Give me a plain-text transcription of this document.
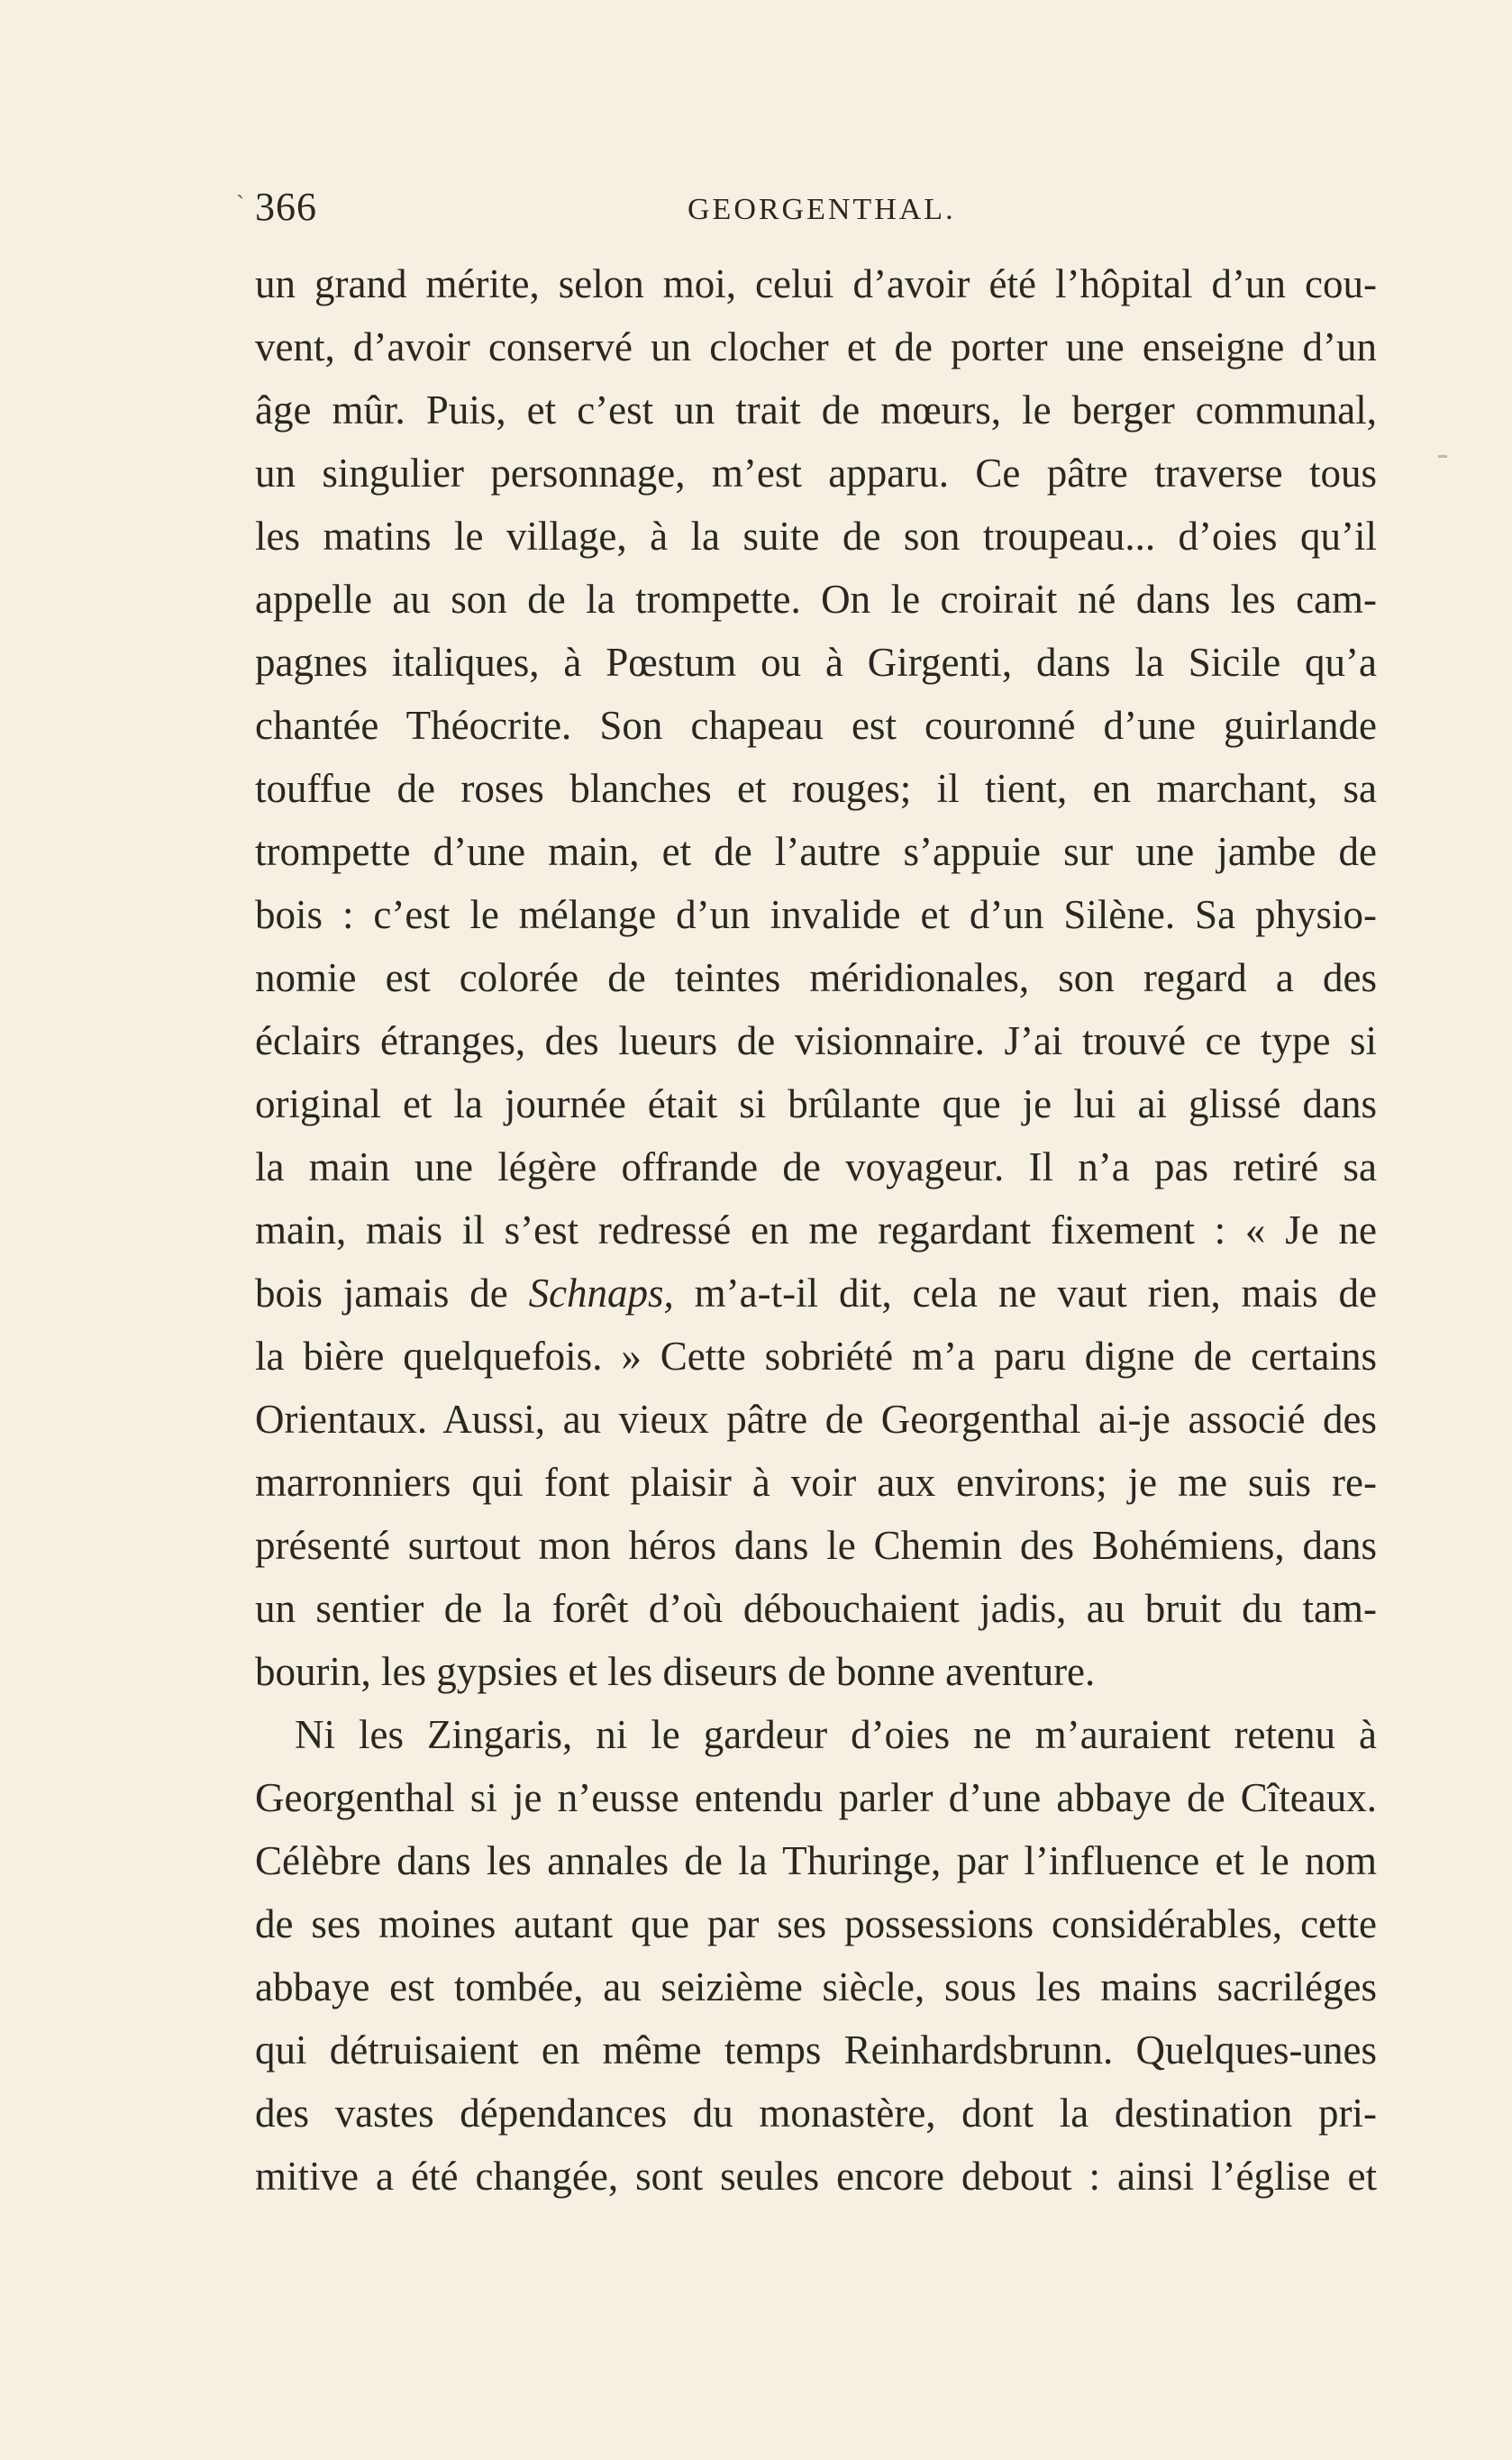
` 366	GEORGENTHAL.
un grand mérite, selon moi, celui d’avoir été l’hôpital d’un cou-
vent, d’avoir conservé un clocher et de porter une enseigne d’un
âge mûr. Puis, et c’est un trait de mœurs, le berger communal,
un singulier personnage, m’est apparu. Ce pâtre traverse tous
les matins le village, à la suite de son troupeau... d’oies qu’il
appelle au son de la trompette. On le croirait né dans les cam-
pagnes italiques, à Pœstum ou à Girgenti, dans la Sicile qu’a
chantée Théocrite. Son chapeau est couronné d’une guirlande
touffue de roses blanches et rouges; il tient, en marchant, sa
trompette d’une main, et de l’autre s’appuie sur une jambe de
bois : c’est le mélange d’un invalide et d’un Silène. Sa physio-
nomie est colorée de teintes méridionales, son regard a des
éclairs étranges, des lueurs de visionnaire. J’ai trouvé ce type si
original et la journée était si brûlante que je lui ai glissé dans
la main une légère offrande de voyageur. Il n’a pas retiré sa
main, mais il s’est redressé en me regardant fixement : « Je ne
bois jamais de Schnaps, m’a-t-il dit, cela ne vaut rien, mais de
la bière quelquefois. » Cette sobriété m’a paru digne de certains
Orientaux. Aussi, au vieux pâtre de Georgenthal ai-je associé des
marronniers qui font plaisir à voir aux environs; je me suis re-
présenté surtout mon héros dans le Chemin des Bohémiens, dans
un sentier de la forêt d’où débouchaient jadis, au bruit du tam-
bourin, les gypsies et les diseurs de bonne aventure.
Ni les Zingaris, ni le gardeur d’oies ne m’auraient retenu à
Georgenthal si je n’eusse entendu parler d’une abbaye de Cîteaux.
Célèbre dans les annales de la Thuringe, par l’influence et le nom
de ses moines autant que par ses possessions considérables, cette
abbaye est tombée, au seizième siècle, sous les mains sacriléges
qui détruisaient en même temps Reinhardsbrunn. Quelques-unes
des vastes dépendances du monastère, dont la destination pri-
mitive a été changée, sont seules encore debout : ainsi l’église et
